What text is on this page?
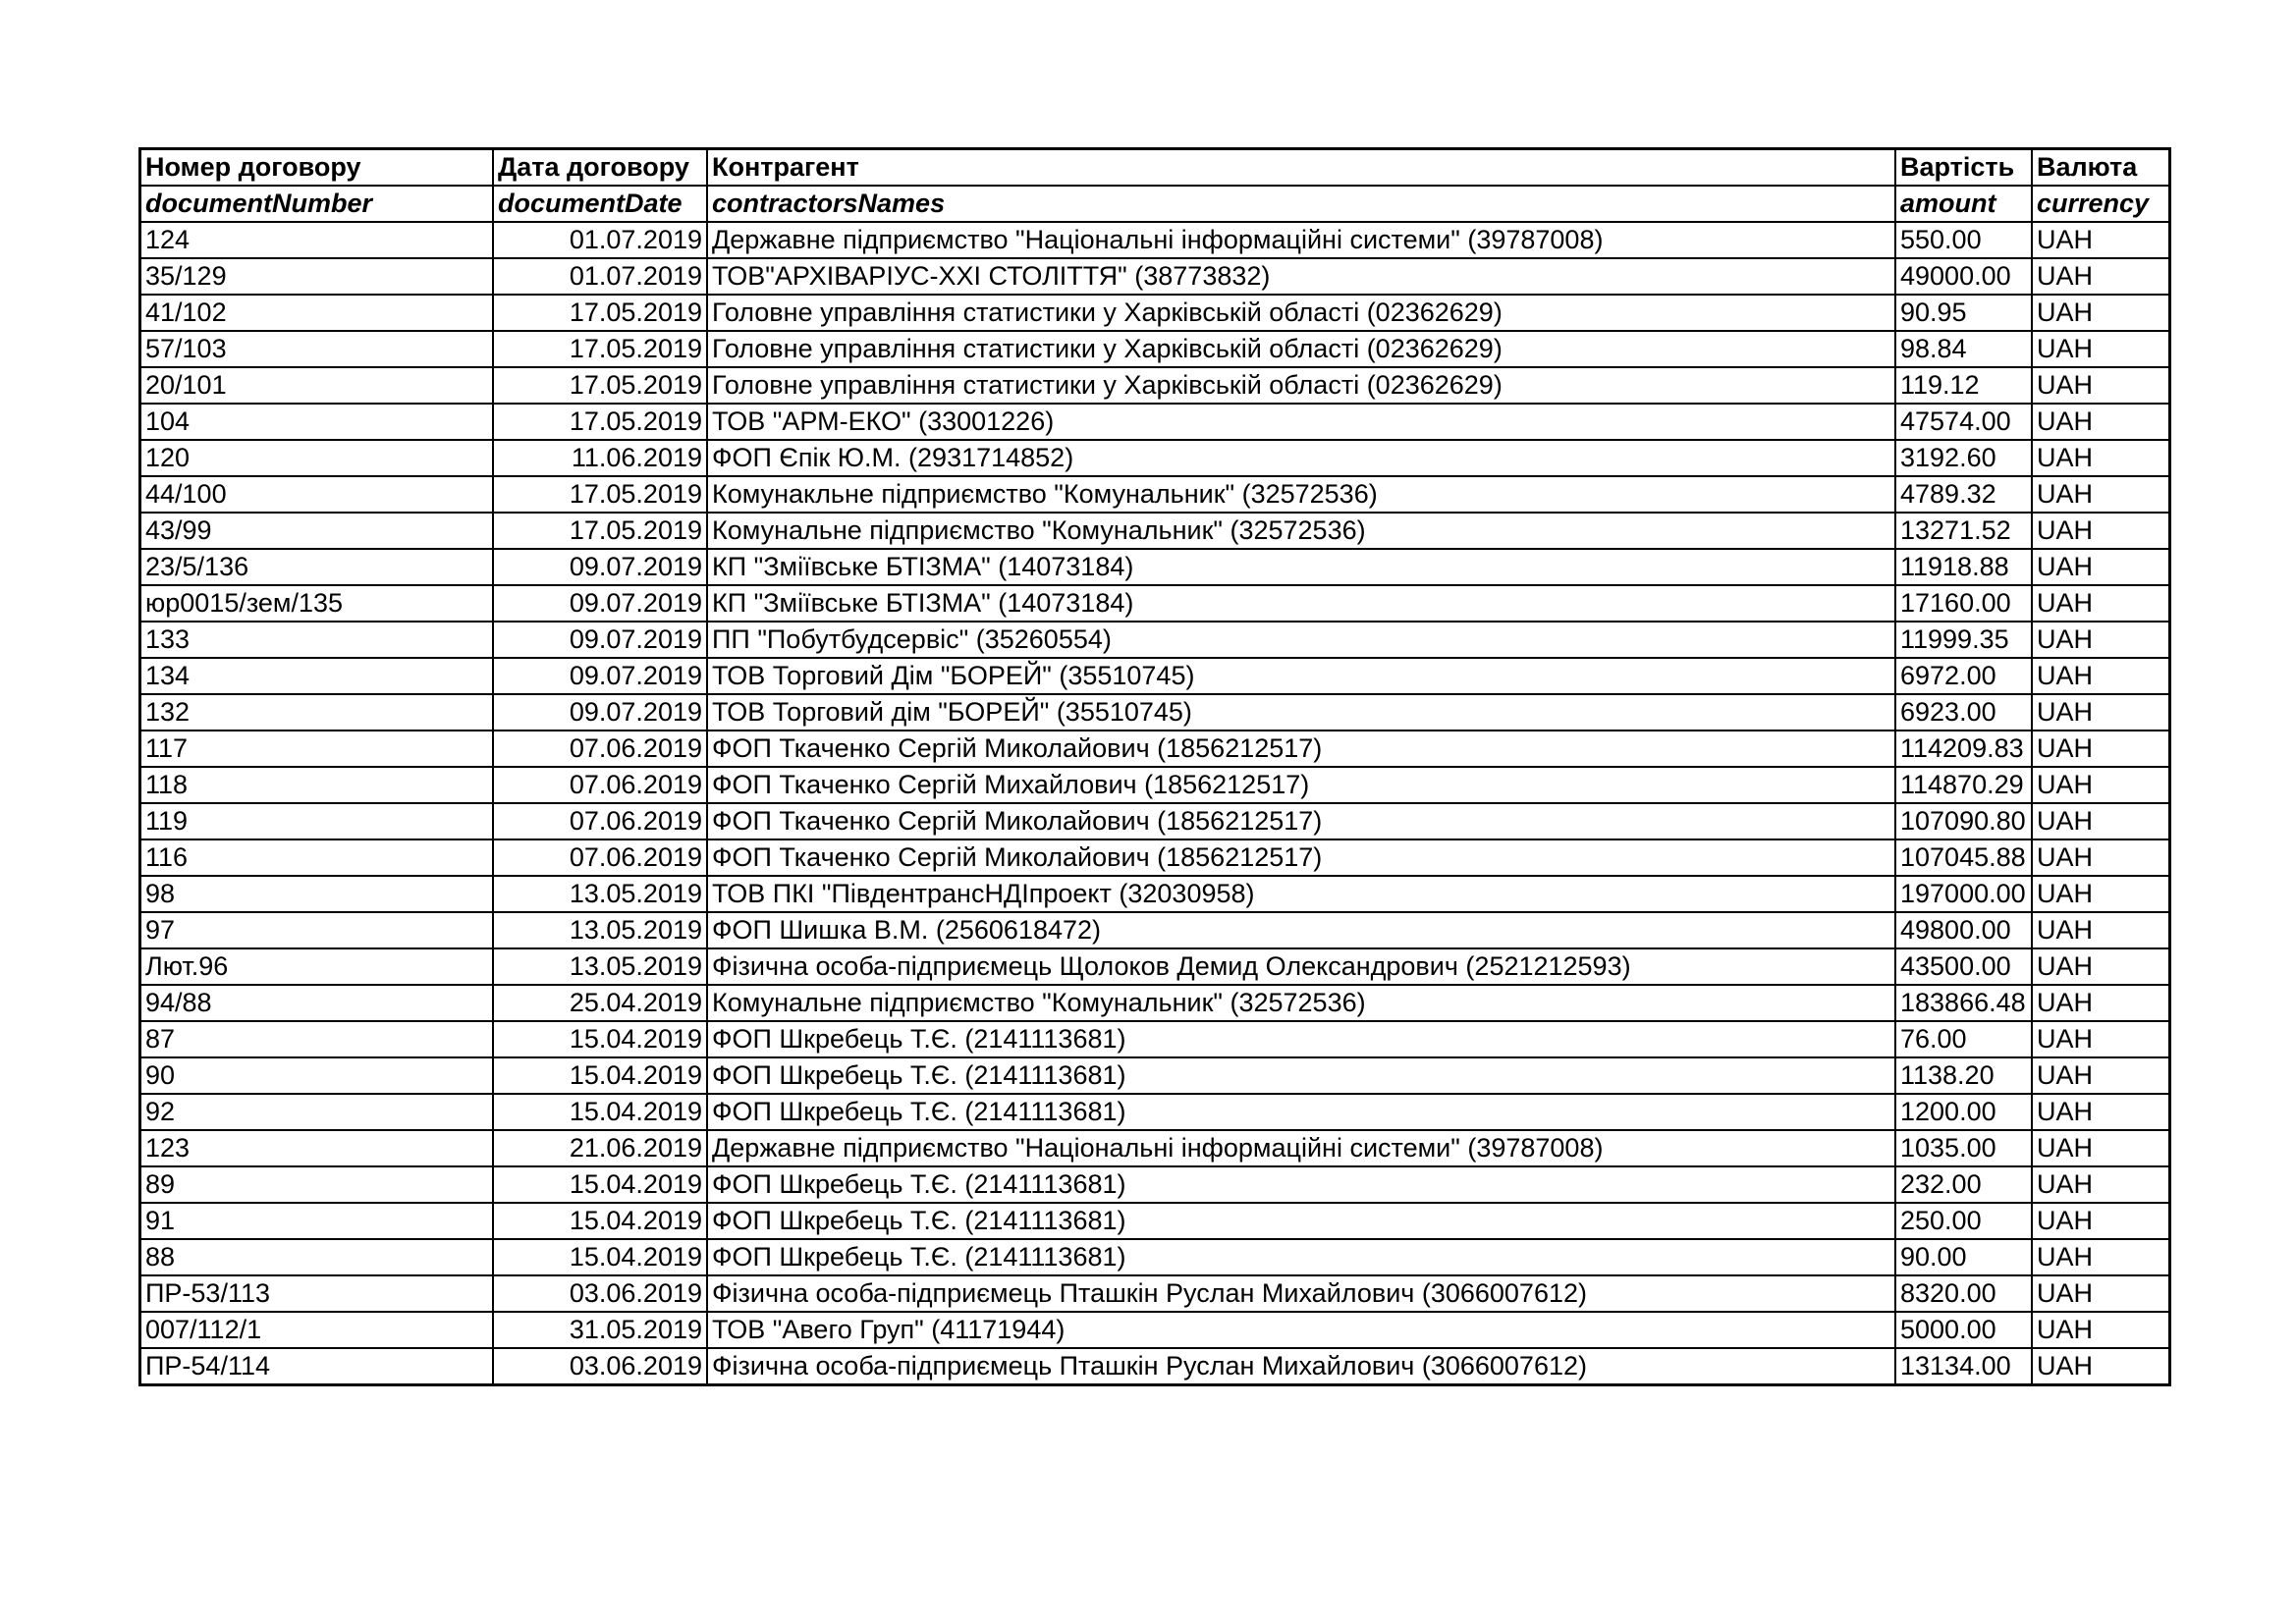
Номер договору	Дата договору	Контрагент	Вартість	Валюта
documentNumber	documentDate	contractorsNames	amount	currency
124	01.07.2019	Державне підприємство "Національні інформаційні системи" (39787008)	550.00	UAH
35/129	01.07.2019	ТОВ"АРХІВАРІУС-XXI СТОЛІТТЯ" (38773832)	49000.00	UAH
41/102	17.05.2019	Головне управління статистики у Харківській області (02362629)	90.95	UAH
57/103	17.05.2019	Головне управління статистики у Харківській області (02362629)	98.84	UAH
20/101	17.05.2019	Головне управління статистики у Харківській області (02362629)	119.12	UAH
104	17.05.2019	ТОВ "АРМ-ЕКО" (33001226)	47574.00	UAH
120	11.06.2019	ФОП Єпік Ю.М. (2931714852)	3192.60	UAH
44/100	17.05.2019	Комунакльне підприємство "Комунальник" (32572536)	4789.32	UAH
43/99	17.05.2019	Комунальне підприємство "Комунальник" (32572536)	13271.52	UAH
23/5/136	09.07.2019	КП "Зміївське БТІЗМА" (14073184)	11918.88	UAH
юр0015/зем/135	09.07.2019	КП "Зміївське БТІЗМА" (14073184)	17160.00	UAH
133	09.07.2019	ПП "Побутбудсервіс" (35260554)	11999.35	UAH
134	09.07.2019	ТОВ Торговий Дім "БОРЕЙ" (35510745)	6972.00	UAH
132	09.07.2019	ТОВ Торговий дім "БОРЕЙ" (35510745)	6923.00	UAH
117	07.06.2019	ФОП Ткаченко Сергій Миколайович (1856212517)	114209.83	UAH
118	07.06.2019	ФОП Ткаченко Сергій Михайлович (1856212517)	114870.29	UAH
119	07.06.2019	ФОП Ткаченко Сергій Миколайович (1856212517)	107090.80	UAH
116	07.06.2019	ФОП Ткаченко Сергій Миколайович (1856212517)	107045.88	UAH
98	13.05.2019	ТОВ ПКІ "ПівдентрансНДІпроект (32030958)	197000.00	UAH
97	13.05.2019	ФОП Шишка В.М. (2560618472)	49800.00	UAH
Лют.96	13.05.2019	Фізична особа-підприємець Щолоков Демид Олександрович (2521212593)	43500.00	UAH
94/88	25.04.2019	Комунальне підприємство "Комунальник" (32572536)	183866.48	UAH
87	15.04.2019	ФОП Шкребець Т.Є. (2141113681)	76.00	UAH
90	15.04.2019	ФОП Шкребець Т.Є. (2141113681)	1138.20	UAH
92	15.04.2019	ФОП Шкребець Т.Є. (2141113681)	1200.00	UAH
123	21.06.2019	Державне підприємство "Національні інформаційні системи" (39787008)	1035.00	UAH
89	15.04.2019	ФОП Шкребець Т.Є. (2141113681)	232.00	UAH
91	15.04.2019	ФОП Шкребець Т.Є. (2141113681)	250.00	UAH
88	15.04.2019	ФОП Шкребець Т.Є. (2141113681)	90.00	UAH
ПР-53/113	03.06.2019	Фізична особа-підприємець Пташкін Руслан Михайлович (3066007612)	8320.00	UAH
007/112/1	31.05.2019	ТОВ "Авего Груп" (41171944)	5000.00	UAH
ПР-54/114	03.06.2019	Фізична особа-підприємець Пташкін Руслан Михайлович (3066007612)	13134.00	UAH
